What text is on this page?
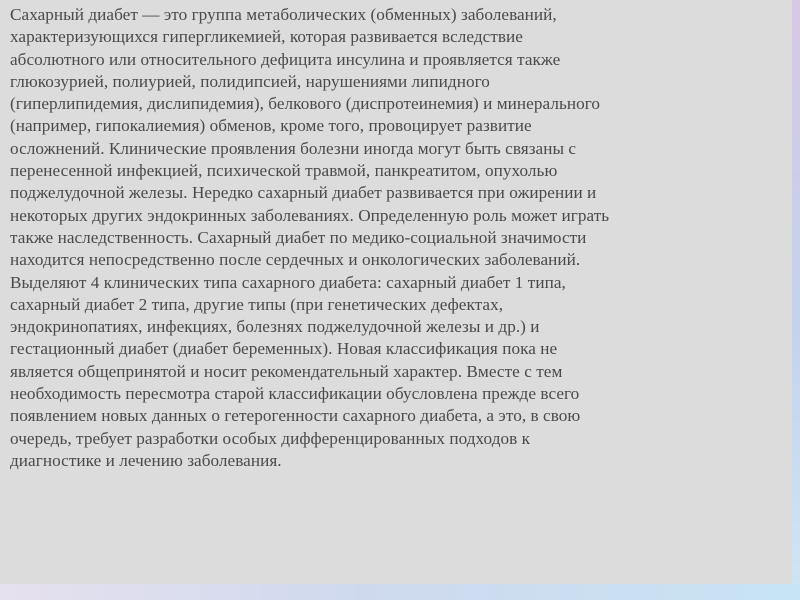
Сахарный диабет — это группа метаболических (обменных) заболеваний,
характеризующихся гипергликемией, которая развивается вследствие
абсолютного или относительного дефицита инсулина и проявляется также
глюкозурией, полиурией, полидипсией, нарушениями липидного
(гиперлипидемия, дислипидемия), белкового (диспротеинемия) и минерального
(например, гипокалиемия) обменов, кроме того, провоцирует развитие
осложнений. Клинические проявления болезни иногда могут быть связаны с
перенесенной инфекцией, психической травмой, панкреатитом, опухолью
поджелудочной железы. Нередко сахарный диабет развивается при ожирении и
некоторых других эндокринных заболеваниях. Определенную роль может играть
также наследственность. Сахарный диабет по медико-социальной значимости
находится непосредственно после сердечных и онкологических заболеваний.
Выделяют 4 клинических типа сахарного диабета: сахарный диабет 1 типа,
сахарный диабет 2 типа, другие типы (при генетических дефектах,
эндокринопатиях, инфекциях, болезнях поджелудочной железы и др.) и
гестационный диабет (диабет беременных). Новая классификация пока не
является общепринятой и носит рекомендательный характер. Вместе с тем
необходимость пересмотра старой классификации обусловлена прежде всего
появлением новых данных о гетерогенности сахарного диабета, а это, в свою
очередь, требует разработки особых дифференцированных подходов к
диагностике и лечению заболевания.
